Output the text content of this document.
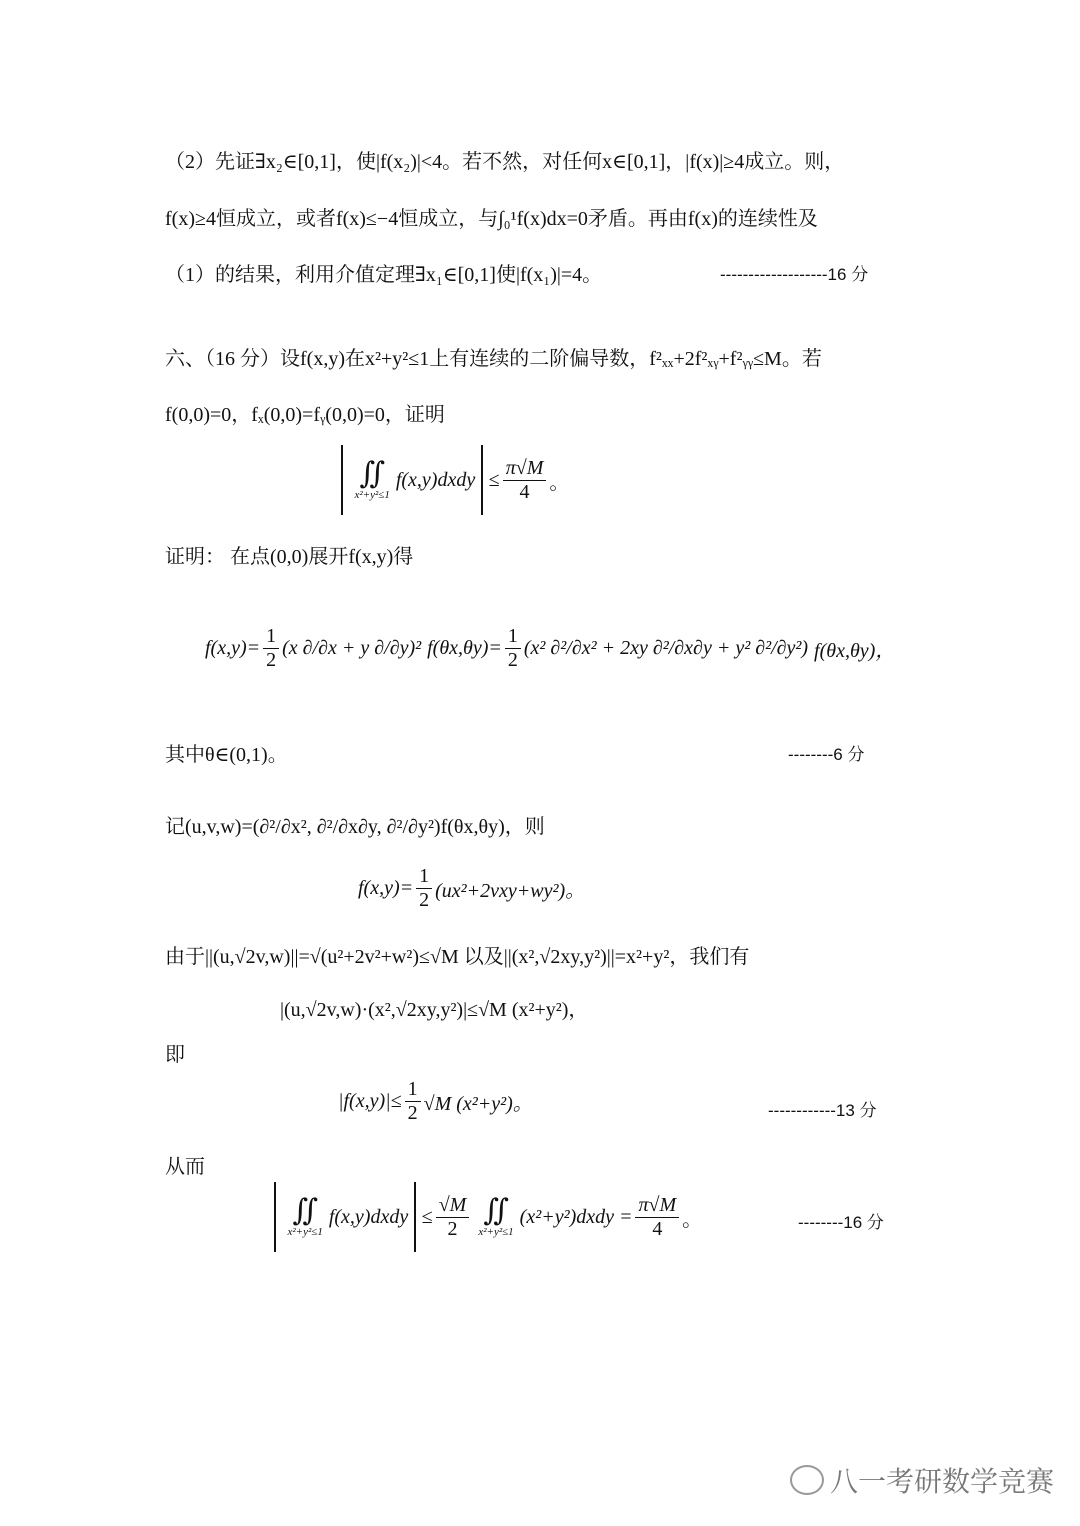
（2）先证∃x₂∈[0,1]，使|f(x₂)|<4。若不然，对任何x∈[0,1]，|f(x)|≥4成立。则，
f(x)≥4恒成立，或者f(x)≤−4恒成立，与∫₀¹f(x)dx=0矛盾。再由f(x)的连续性及
（1）的结果，利用介值定理∃x₁∈[0,1]使|f(x₁)|=4。	-------------------16 分
六、（16 分）设f(x,y)在x²+y²≤1上有连续的二阶偏导数，f²ₓₓ+2f²ₓᵧ+f²ᵧᵧ≤M。若
f(0,0)=0，fₓ(0,0)=fᵧ(0,0)=0，证明
∬
x²+y²≤1
f(x,y)dxdy ≤ $\frac{\pi√M}{4}$ 。
证明： 在点(0,0)展开f(x,y)得
$f(x,y)= \frac{1}{2} (x$ ∂/∂x + y ∂/∂y)² $f(\theta x,\theta y)= \frac{1}{2} (x^2$ ∂²/∂x² + 2xy ∂²/∂x∂y + y² ∂²/∂y²) f(θx,θy)，
其中θ∈(0,1)。	--------6 分
记(u,v,w)=(∂²/∂x², ∂²/∂x∂y, ∂²/∂y²)f(θx,θy)，则
$f(x,y)= \frac{1}{2} (ux^2+2vxy+wy^2)$。
由于||(u,√2v,w)||=√(u²+2v²+w²)≤√M 以及||(x²,√2xy,y²)||=x²+y²，我们有
|(u,√2v,w)·(x²,√2xy,y²)|≤√M (x²+y²)，
即
$|f(x,y)|\le \frac{1}{2} √M$ (x²+y²)。	------------13 分
从而
∬
x²+y²≤1
f(x,y)dxdy ≤ $\frac{√M}{2}$ ∬
x²+y²≤1
(x²+y²)dxdy = $\frac{\pi√M}{4}$ 。	--------16 分
八一考研数学竞赛
